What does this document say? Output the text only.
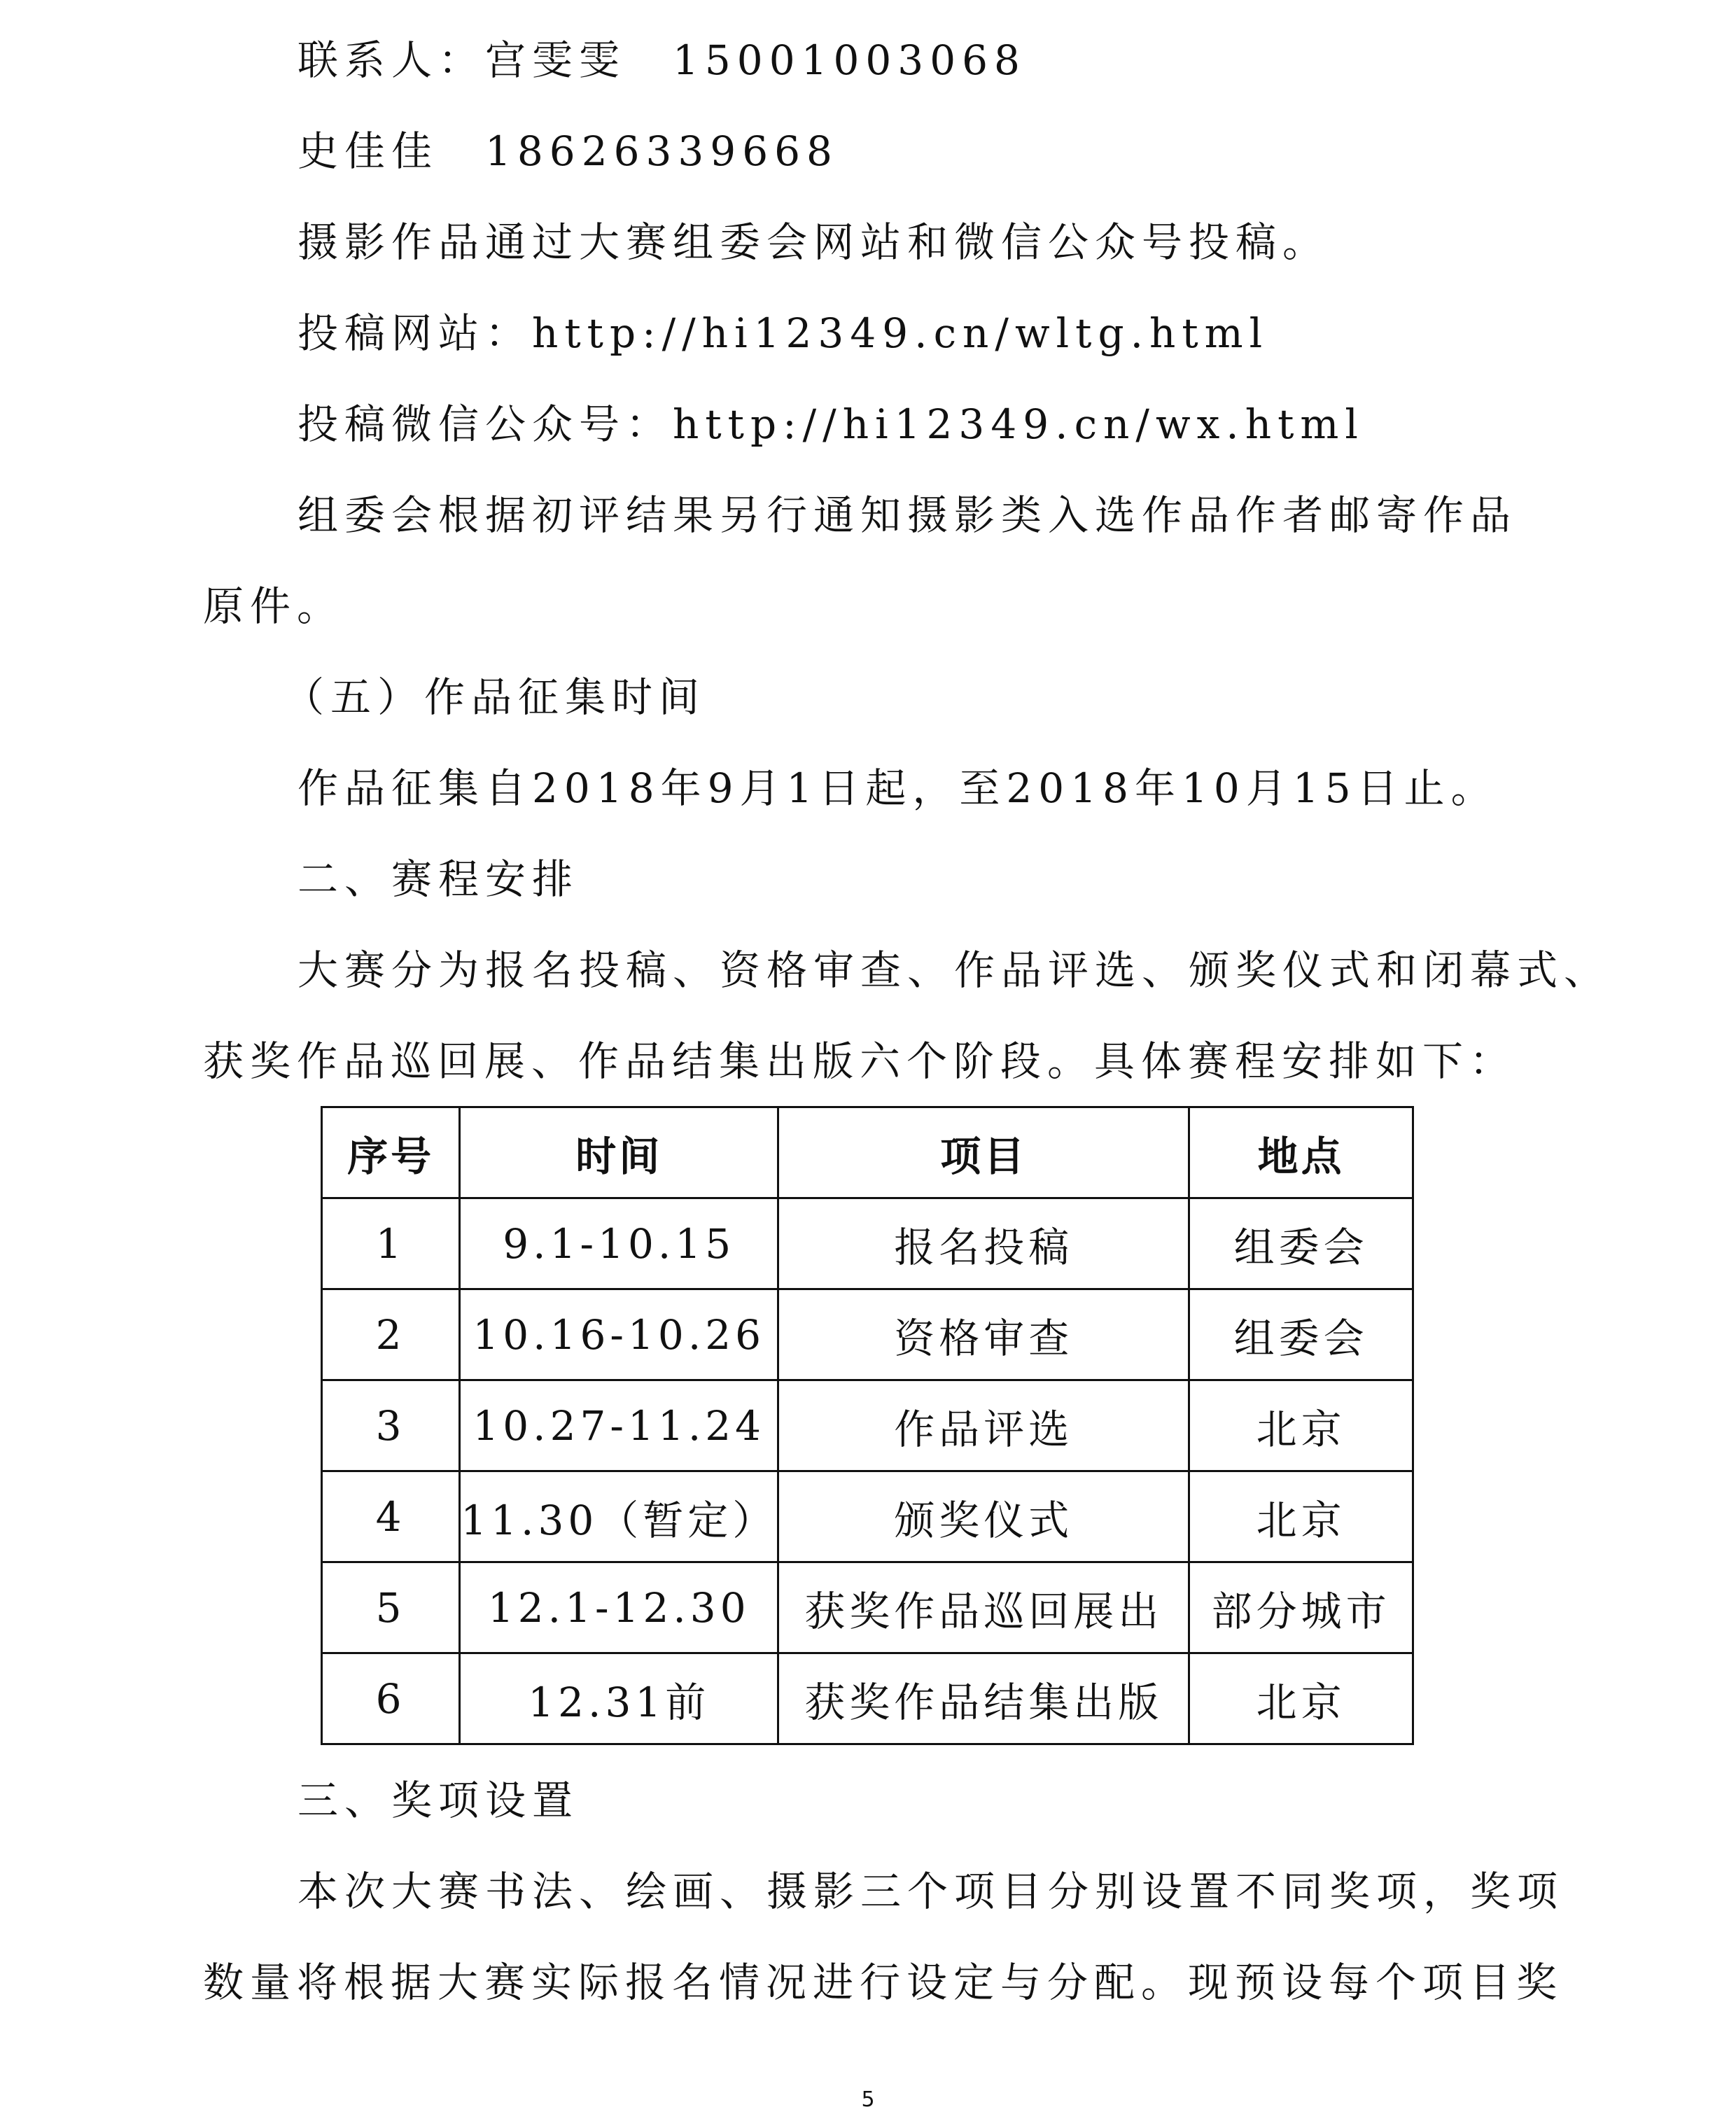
联系人：宫雯雯　15001003068
史佳佳　18626339668
摄影作品通过大赛组委会网站和微信公众号投稿。
投稿网站：http://hi12349.cn/wltg.html
投稿微信公众号：http://hi12349.cn/wx.html
组委会根据初评结果另行通知摄影类入选作品作者邮寄作品
原件。
（五）作品征集时间
作品征集自2018年9月1日起，至2018年10月15日止。
二、赛程安排
大赛分为报名投稿、资格审查、作品评选、颁奖仪式和闭幕式、
获奖作品巡回展、作品结集出版六个阶段。具体赛程安排如下：
序号	时间	项目	地点
1	9.1-10.15	报名投稿	组委会
2	10.16-10.26	资格审查	组委会
3	10.27-11.24	作品评选	北京
4	11.30（暂定）	颁奖仪式	北京
5	12.1-12.30	获奖作品巡回展出	部分城市
6	12.31前	获奖作品结集出版	北京
三、奖项设置
本次大赛书法、绘画、摄影三个项目分别设置不同奖项，奖项
数量将根据大赛实际报名情况进行设定与分配。现预设每个项目奖
5
